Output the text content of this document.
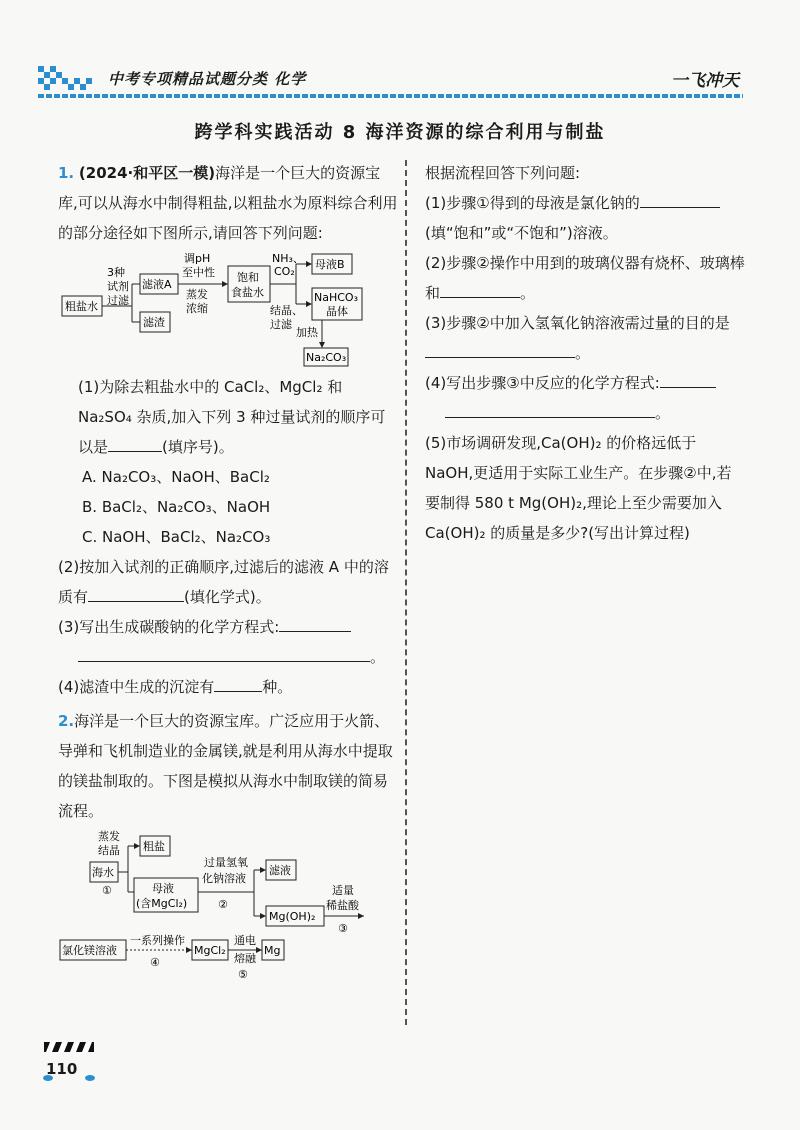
中考专项精品试题分类 化学	一飞冲天
跨学科实践活动 8 海洋资源的综合利用与制盐

1. (2024·和平区一模)海洋是一个巨大的资源宝库,可以从海水中制得粗盐,以粗盐水为原料综合利用的部分途径如下图所示,请回答下列问题:

粗盐水
3种
试剂
过滤
滤液A
滤渣
调pH
至中性
蒸发
浓缩
饱和
食盐水
NH₃、
CO₂
结晶、
过滤
母液B
NaHCO₃
晶体
加热
Na₂CO₃

(1)为除去粗盐水中的 CaCl₂、MgCl₂ 和 Na₂SO₄ 杂质,加入下列 3 种过量试剂的顺序可以是	(填序号)。

A. Na₂CO₃、NaOH、BaCl₂

B. BaCl₂、Na₂CO₃、NaOH

C. NaOH、BaCl₂、Na₂CO₃

(2)按加入试剂的正确顺序,过滤后的滤液 A 中的溶质有	(填化学式)。

(3)写出生成碳酸钠的化学方程式:

。

(4)滤渣中生成的沉淀有	种。

2.海洋是一个巨大的资源宝库。广泛应用于火箭、导弹和飞机制造业的金属镁,就是利用从海水中提取的镁盐制取的。下图是模拟从海水中制取镁的简易流程。

海水
蒸发
结晶
①
粗盐
母液
(含MgCl₂)
过量氢氧
化钠溶液
②
滤液
Mg(OH)₂
适量
稀盐酸
③
氯化镁溶液
一系列操作
④
MgCl₂
通电
熔融
⑤
Mg

根据流程回答下列问题:

(1)步骤①得到的母液是氯化钠的(填“饱和”或“不饱和”)溶液。

(2)步骤②操作中用到的玻璃仪器有烧杯、玻璃棒和	。

(3)步骤②中加入氢氧化钠溶液需过量的目的是。

(4)写出步骤③中反应的化学方程式:

。

(5)市场调研发现,Ca(OH)₂ 的价格远低于 NaOH,更适用于实际工业生产。在步骤②中,若要制得 580 t Mg(OH)₂,理论上至少需要加入 Ca(OH)₂ 的质量是多少?(写出计算过程)

110
